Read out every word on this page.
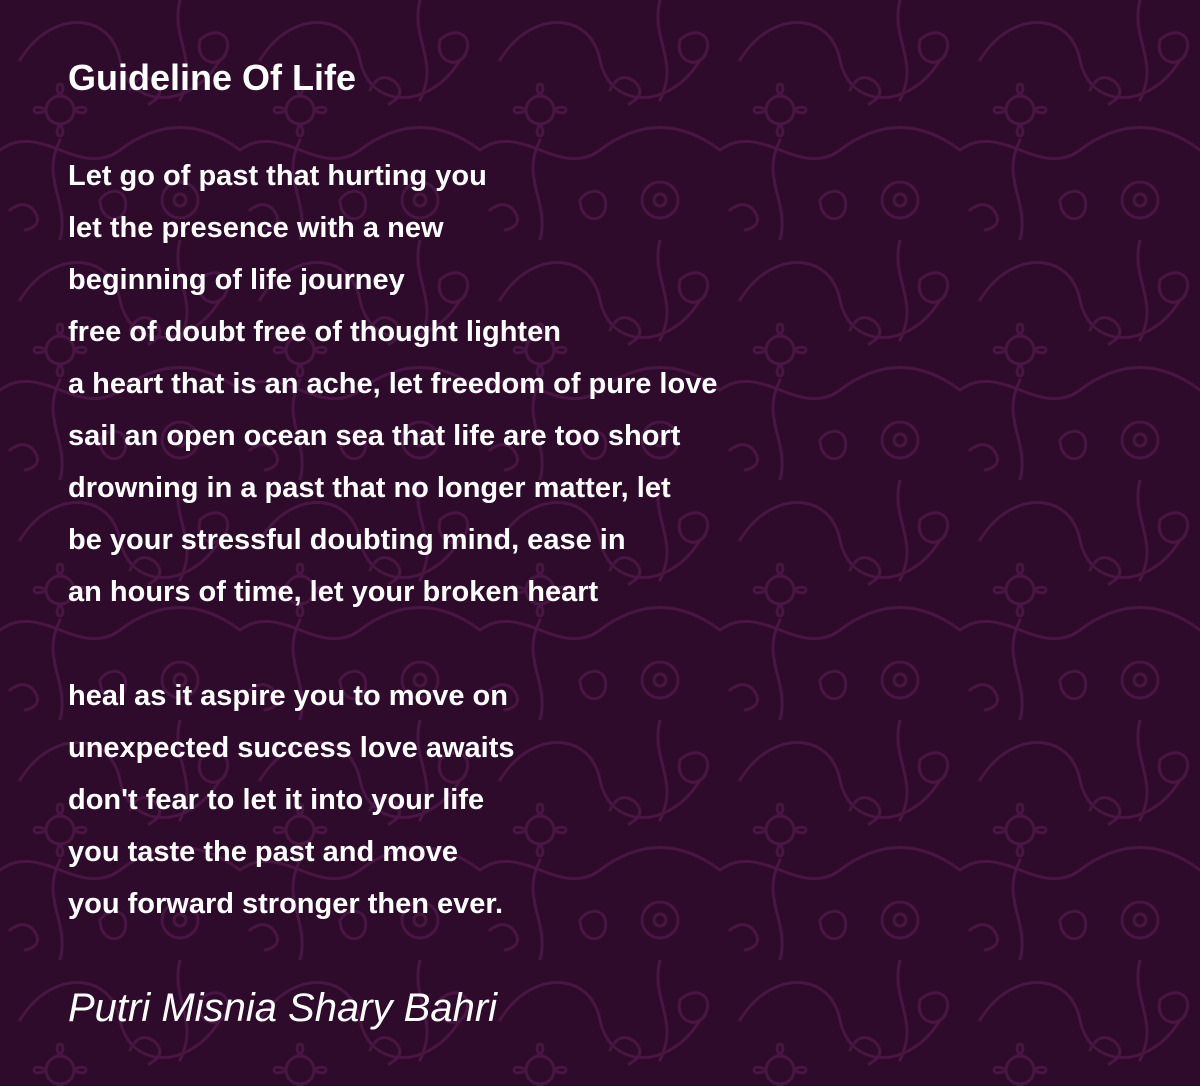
Guideline Of Life
Let go of past that hurting you
let the presence with a new
beginning of life journey
free of doubt free of thought lighten
a heart that is an ache, let freedom of pure love
sail an open ocean sea that life are too short
drowning in a past that no longer matter, let
be your stressful doubting mind, ease in
an hours of time, let your broken heart
heal as it aspire you to move on
unexpected success love awaits
don't fear to let it into your life
you taste the past and move
you forward stronger then ever.

Putri Misnia Shary Bahri
